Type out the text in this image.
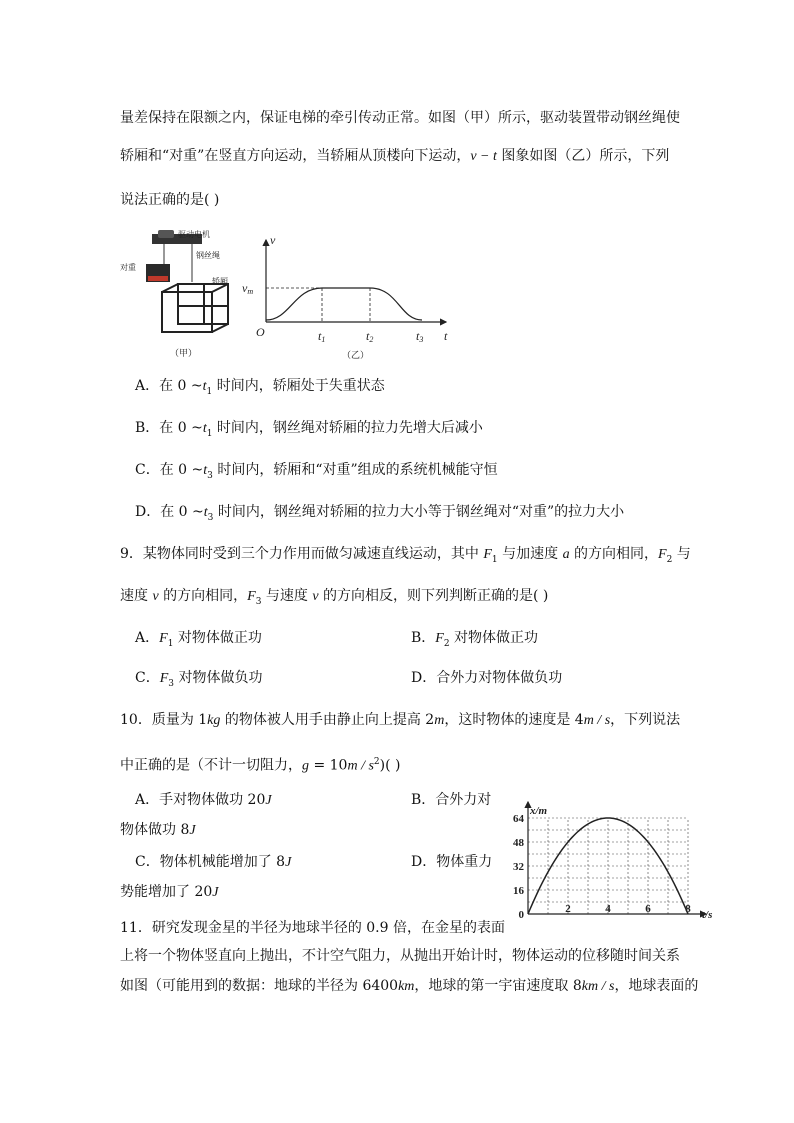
量差保持在限额之内，保证电梯的牵引传动正常。如图（甲）所示，驱动装置带动钢丝绳使
轿厢和“对重”在竖直方向运动，当轿厢从顶楼向下运动，v − t 图象如图（乙）所示，下列
说法正确的是( )
驱动电机
钢丝绳
对重
轿厢
（甲）
v
vm
O	t1	t2	t3 t
（乙）
A．在 0 $\sim t_1$ 时间内，轿厢处于失重状态
B．在 0 $\sim t_1$ 时间内，钢丝绳对轿厢的拉力先增大后减小
C．在 0 $\sim t_3$ 时间内，轿厢和“对重”组成的系统机械能守恒
D．在 0 $\sim t_3$ 时间内，钢丝绳对轿厢的拉力大小等于钢丝绳对“对重”的拉力大小
9．某物体同时受到三个力作用而做匀减速直线运动，其中 $F_1$ 与加速度 a 的方向相同，$F_2$ 与
速度 v 的方向相同，$F_3$ 与速度 v 的方向相反，则下列判断正确的是( )
A．$F_1$ 对物体做正功	B．$F_2$ 对物体做正功
C．$F_3$ 对物体做负功	D．合外力对物体做负功
10．质量为 1kg 的物体被人用手由静止向上提高 2m，这时物体的速度是 4m / s，下列说法
中正确的是（不计一切阻力，$g = 10m / s^2$)( )
A．手对物体做功 20J	B．合外力对
物体做功 8J
C．物体机械能增加了 8J	D．物体重力
势能增加了 20J
0
16
32
48
64
2	4	6	8
x/m
t/s
11．研究发现金星的半径为地球半径的 0.9 倍，在金星的表面
上将一个物体竖直向上抛出，不计空气阻力，从抛出开始计时，物体运动的位移随时间关系
如图（可能用到的数据：地球的半径为 6400km，地球的第一宇宙速度取 8km / s，地球表面的
